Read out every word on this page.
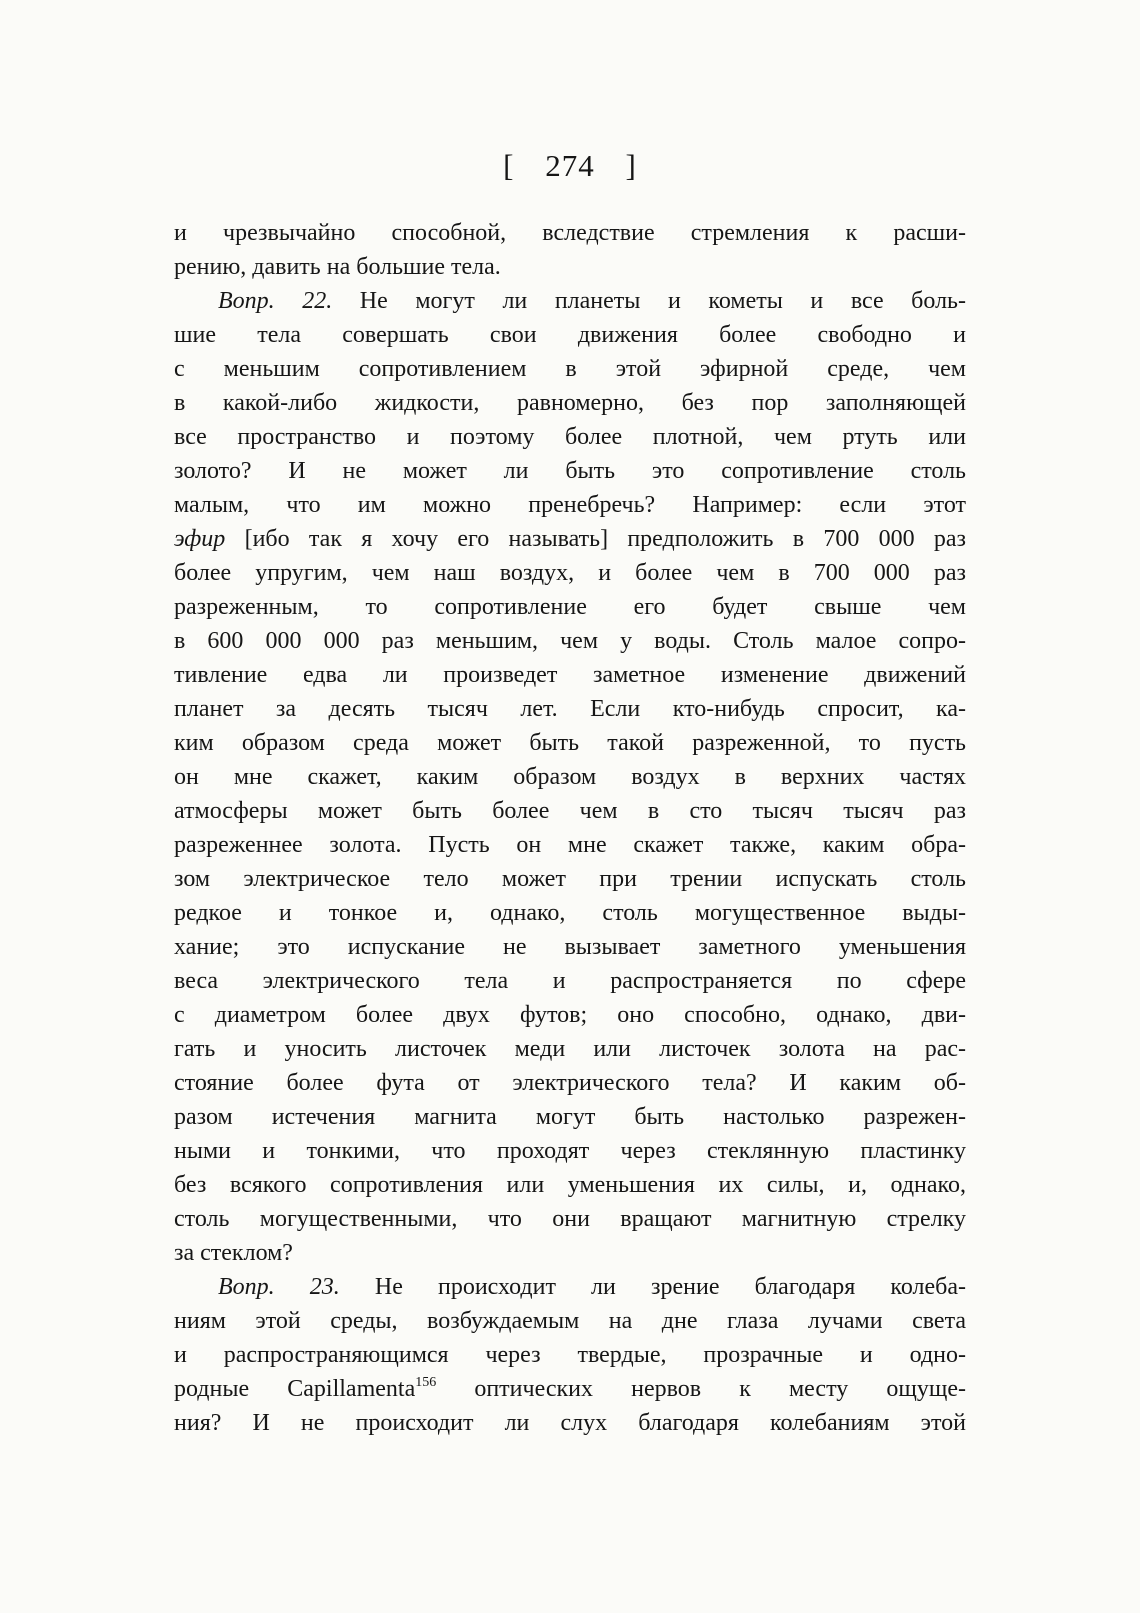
[ 274 ]
и чрезвычайно способной, вследствие стремления к расши-
рению, давить на большие тела.
Вопр. 22. Не могут ли планеты и кометы и все боль-
шие тела совершать свои движения более свободно и
с меньшим сопротивлением в этой эфирной среде, чем
в какой-либо жидкости, равномерно, без пор заполняющей
все пространство и поэтому более плотной, чем ртуть или
золото? И не может ли быть это сопротивление столь
малым, что им можно пренебречь? Например: если этот
эфир [ибо так я хочу его называть] предположить в 700 000 раз
более упругим, чем наш воздух, и более чем в 700 000 раз
разреженным, то сопротивление его будет свыше чем
в 600 000 000 раз меньшим, чем у воды. Столь малое сопро-
тивление едва ли произведет заметное изменение движений
планет за десять тысяч лет. Если кто-нибудь спросит, ка-
ким образом среда может быть такой разреженной, то пусть
он мне скажет, каким образом воздух в верхних частях
атмосферы может быть более чем в сто тысяч тысяч раз
разреженнее золота. Пусть он мне скажет также, каким обра-
зом электрическое тело может при трении испускать столь
редкое и тонкое и, однако, столь могущественное выды-
хание; это испускание не вызывает заметного уменьшения
веса электрического тела и распространяется по сфере
с диаметром более двух футов; оно способно, однако, дви-
гать и уносить листочек меди или листочек золота на рас-
стояние более фута от электрического тела? И каким об-
разом истечения магнита могут быть настолько разрежен-
ными и тонкими, что проходят через стеклянную пластинку
без всякого сопротивления или уменьшения их силы, и, однако,
столь могущественными, что они вращают магнитную стрелку
за стеклом?
Вопр. 23. Не происходит ли зрение благодаря колеба-
ниям этой среды, возбуждаемым на дне глаза лучами света
и распространяющимся через твердые, прозрачные и одно-
родные Capillamenta$^{156}$ оптических нервов к месту ощуще-
ния? И не происходит ли слух благодаря колебаниям этой
